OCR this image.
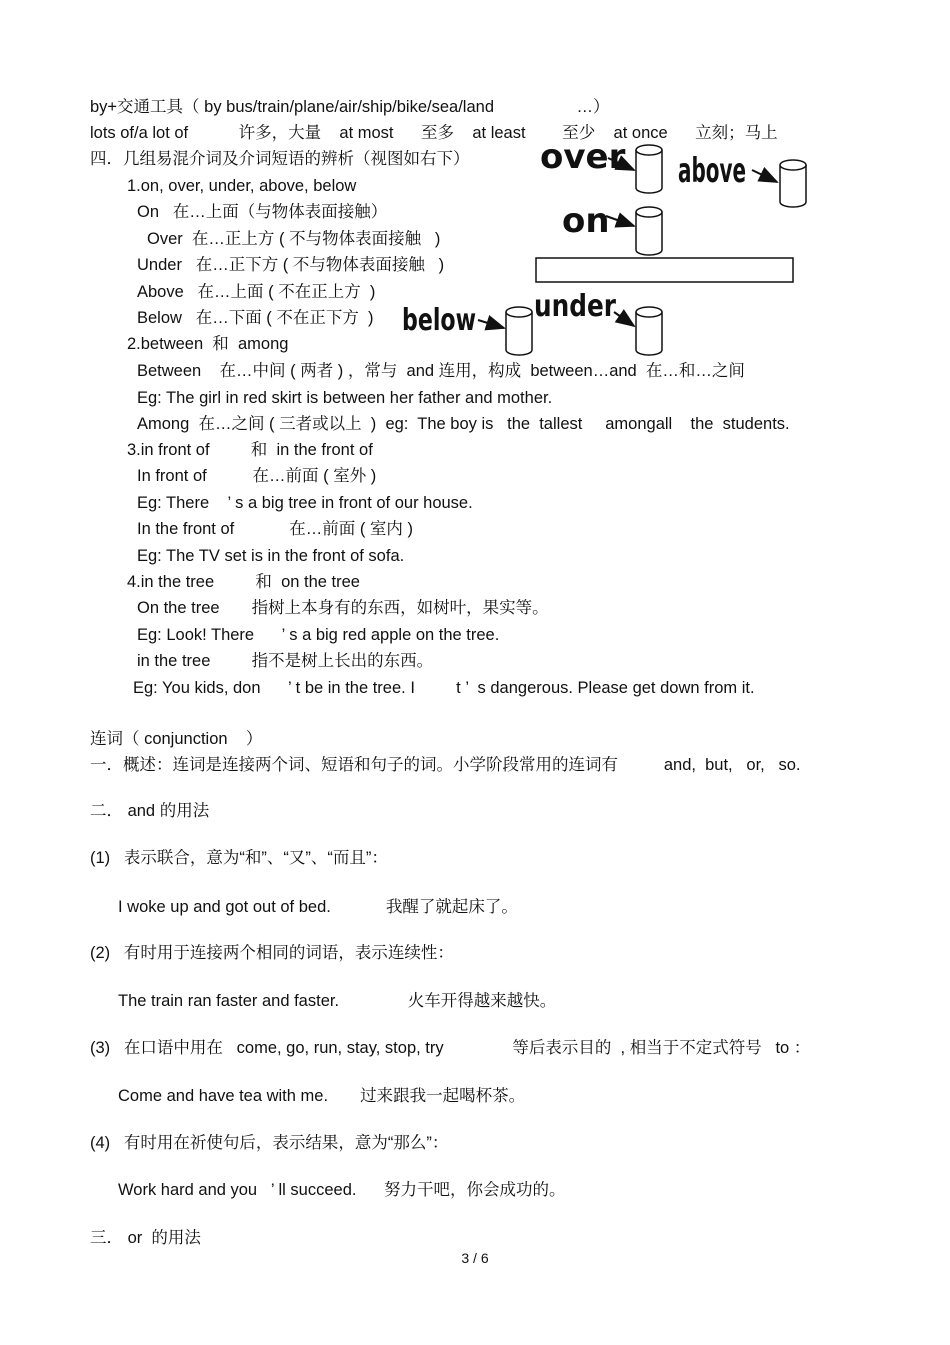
by+交通工具（ by bus/train/plane/air/ship/bike/sea/land                  …）
lots of/a lot of           许多，大量    at most      至多    at least        至少    at once      立刻；马上
四．几组易混介词及介词短语的辨析（视图如右下）
1.on, over, under, above, below
On   在…上面（与物体表面接触）
Over  在…正上方 ( 不与物体表面接触   )
Under   在…正下方 ( 不与物体表面接触   )
Above   在…上面 ( 不在正上方  )
Below   在…下面 ( 不在正下方  )
2.between  和  among
Between    在…中间 ( 两者 ) ，常与  and 连用，构成  between…and  在…和…之间
Eg: The girl in red skirt is between her father and mother.
Among  在…之间 ( 三者或以上  )  eg:  The boy is   the  tallest     amongall    the  students.
3.in front of         和  in the front of
In front of          在…前面 ( 室外 )
Eg: There    ’ s a big tree in front of our house.
In the front of            在…前面 ( 室内 )
Eg: The TV set is in the front of sofa.
4.in the tree         和  on the tree
On the tree       指树上本身有的东西，如树叶，果实等。
Eg: Look! There      ’ s a big red apple on the tree.
in the tree         指不是树上长出的东西。
Eg: You kids, don      ’ t be in the tree. I         t ’  s dangerous. Please get down from it.
连词（ conjunction    ）
一．概述：连词是连接两个词、短语和句子的词。小学阶段常用的连词有          and,  but,   or,   so.
二． and 的用法
(1)   表示联合，意为“和”、“又”、“而且”：
I woke up and got out of bed.            我醒了就起床了。
(2)   有时用于连接两个相同的词语，表示连续性：
The train ran faster and faster.               火车开得越来越快。
(3)   在口语中用在   come, go, run, stay, stop, try               等后表示目的  , 相当于不定式符号   to ：
Come and have tea with me.       过来跟我一起喝杯茶。
(4)   有时用在祈使句后，表示结果，意为“那么”：
Work hard and you   ’ ll succeed.      努力干吧，你会成功的。
三． or  的用法
over above
on
below under
3 / 6
